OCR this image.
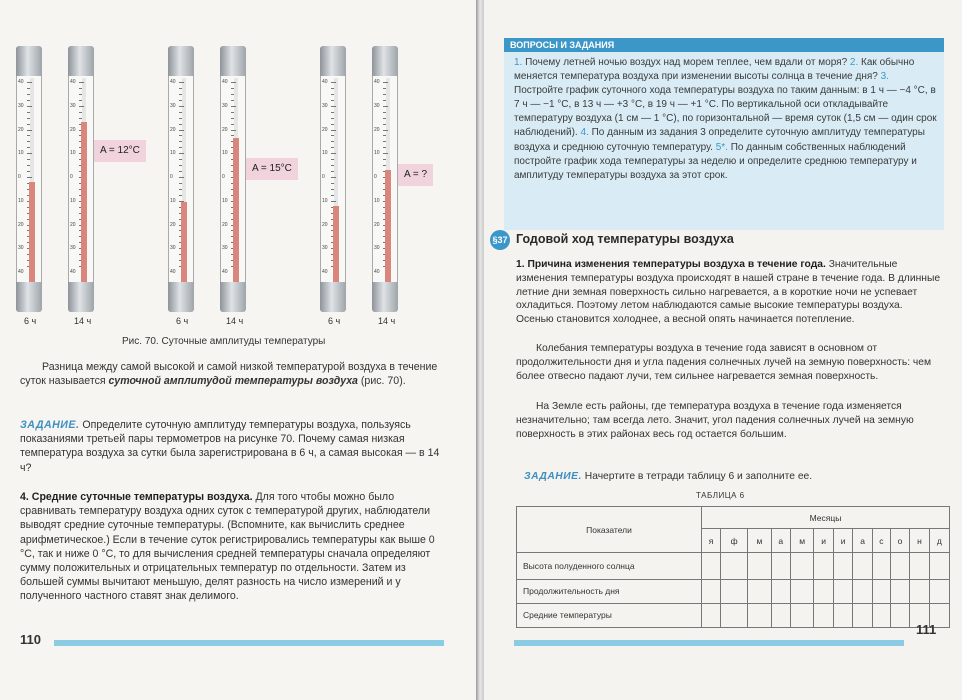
40
30
20
10
0
10
20
30
40
40
30
20
10
0
10
20
30
40
40
30
20
10
0
10
20
30
40
40
30
20
10
0
10
20
30
40
40
30
20
10
0
10
20
30
40
40
30
20
10
0
10
20
30
40
6 ч	14 ч	6 ч	14 ч	6 ч	14 ч
A = 12°C
A = 15°C
A = ?
Рис. 70. Суточные амплитуды температуры
Разница между самой высокой и самой низкой температурой воздуха в течение суток называется суточной амплитудой температуры воздуха (рис. 70).
ЗАДАНИЕ. Определите суточную амплитуду температуры воздуха, пользуясь показаниями третьей пары термометров на рисунке 70. Почему самая низкая температура воздуха за сутки была зарегистрирована в 6 ч, а самая высокая — в 14 ч?
4. Средние суточные температуры воздуха. Для того чтобы можно было сравнивать температуру воздуха одних суток с температурой других, наблюдатели выводят средние суточные температуры. (Вспомните, как вычислить среднее арифметическое.) Если в течение суток регистрировались температуры как выше 0 °С, так и ниже 0 °С, то для вычисления средней температуры сначала определяют сумму положительных и отрицательных температур по отдельности. Затем из большей суммы вычитают меньшую, делят разность на число измерений и у полученного частного ставят знак делимого.
110
ВОПРОСЫ И ЗАДАНИЯ
1. Почему летней ночью воздух над морем теплее, чем вдали от моря? 2. Как обычно меняется температура воздуха при изменении высоты солнца в течение дня? 3. Постройте график суточного хода температуры воздуха по таким данным: в 1 ч — −4 °С, в 7 ч — −1 °С, в 13 ч — +3 °С, в 19 ч — +1 °С. По вертикальной оси откладывайте температуру воздуха (1 см — 1 °С), по горизонтальной — время суток (1,5 см — один срок наблюдений). 4. По данным из задания 3 определите суточную амплитуду температуры воздуха и среднюю суточную температуру. 5*. По данным собственных наблюдений постройте график хода температуры за неделю и определите среднюю температуру и амплитуду температуры воздуха за этот срок.
§37 Годовой ход температуры воздуха
1. Причина изменения температуры воздуха в течение года. Значительные изменения температуры воздуха происходят в нашей стране в течение года. В длинные летние дни земная поверхность сильно нагревается, а в короткие ночи не успевает охладиться. Поэтому летом наблюдаются самые высокие температуры воздуха. Осенью становится холоднее, а весной опять начинается потепление.
Колебания температуры воздуха в течение года зависят в основном от продолжительности дня и угла падения солнечных лучей на земную поверхность: чем более отвесно падают лучи, тем сильнее нагревается земная поверхность.
На Земле есть районы, где температура воздуха в течение года изменяется незначительно; там всегда лето. Значит, угол падения солнечных лучей на земную поверхность в этих районах весь год остается большим.
ЗАДАНИЕ. Начертите в тетради таблицу 6 и заполните ее.
ТАБЛИЦА 6
Показатели	Месяцы											
	я	ф	м	а	м	и	и	а	с	о	н	д
Высота полуденного солнца												
Продолжительность дня												
Средние температуры												
111
